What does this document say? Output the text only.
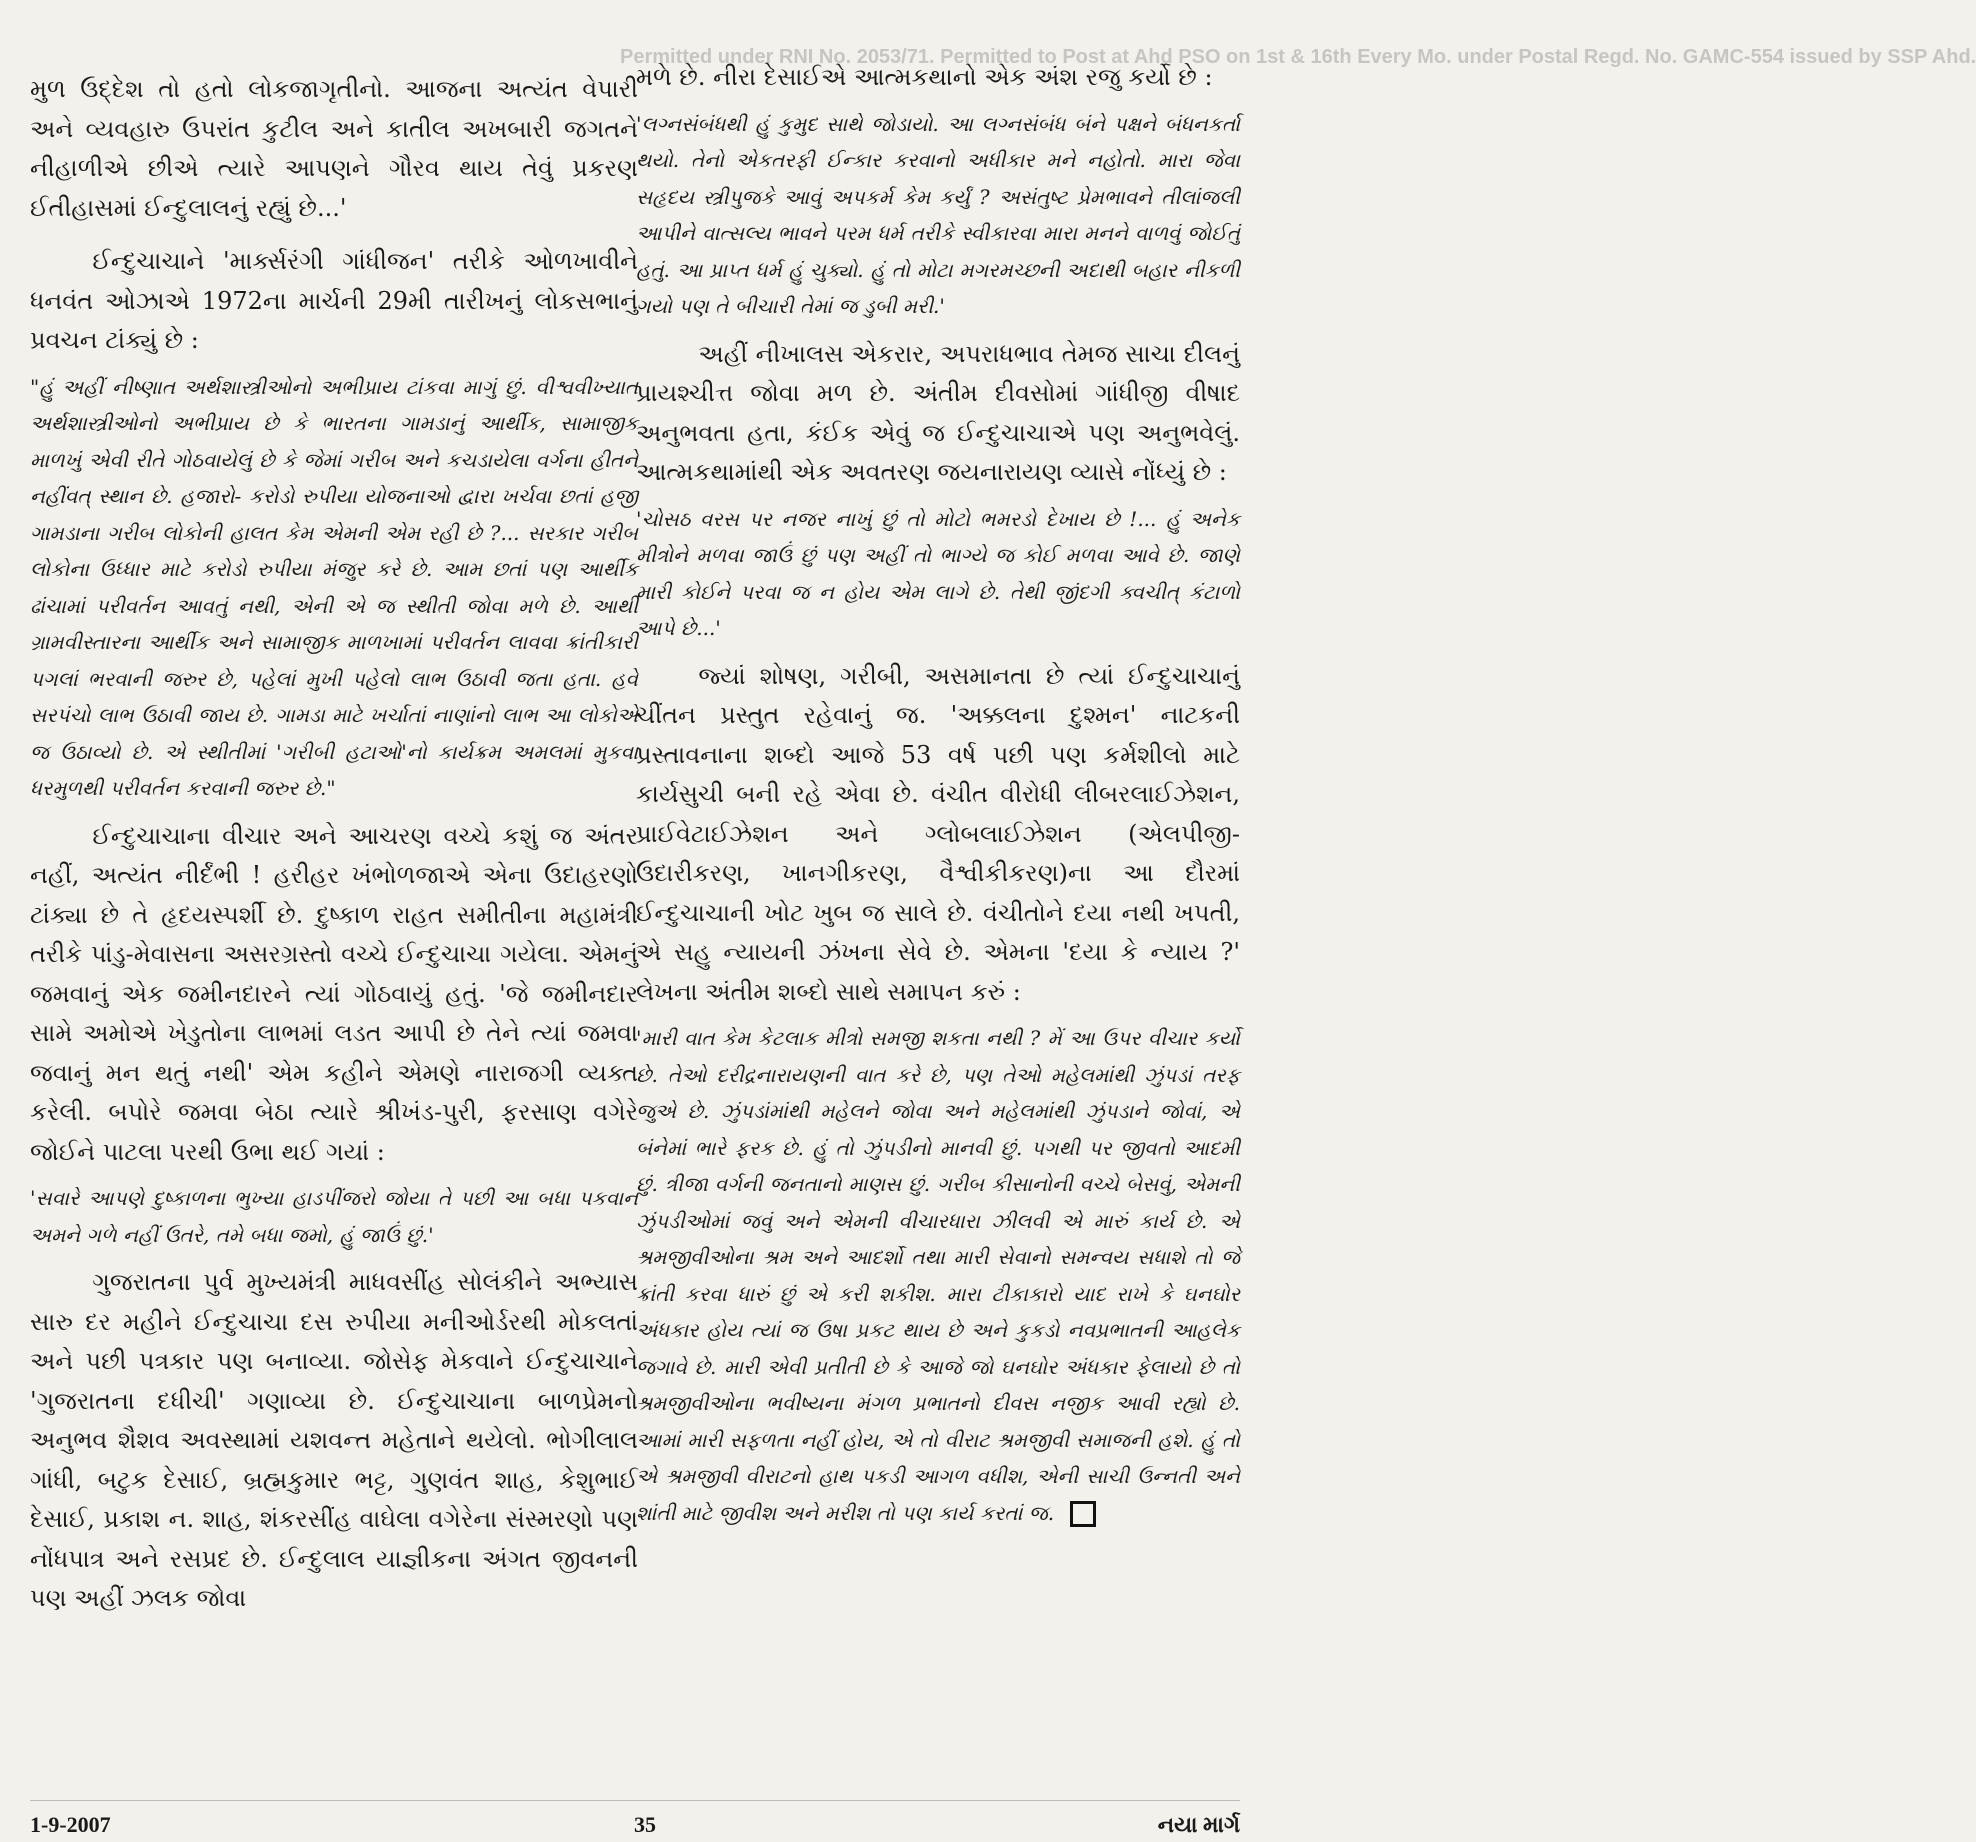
Permitted under RNI No. 2053/71. Permitted to Post at Ahd PSO on 1st & 16th Every Mo. under Postal Regd. No. GAMC-554 issued by SSP Ahd.

મુળ ઉદ્દેશ તો હતો લોકજાગૃતીનો. આજના અત્યંત વેપારી અને વ્યવહારુ ઉપરાંત કુટીલ અને કાતીલ અખબારી જગતને નીહાળીએ છીએ ત્યારે આપણને ગૌરવ થાય તેવું પ્રકરણ ઈતીહાસમાં ઈન્દુલાલનું રહ્યું છે...'

ઈન્દુચાચાને 'માર્ક્સરંગી ગાંધીજન' તરીકે ઓળખાવીને ધનવંત ઓઝાએ 1972ના માર્ચની 29મી તારીખનું લોકસભાનું પ્રવચન ટાંક્યું છે :

"હું અહીં નીષ્ણાત અર્થશાસ્ત્રીઓનો અભીપ્રાય ટાંકવા માગું છું. વીશ્વવીખ્યાત અર્થશાસ્ત્રીઓનો અભીપ્રાય છે કે ભારતના ગામડાનું આર્થીક, સામાજીક માળખું એવી રીતે ગોઠવાયેલું છે કે જેમાં ગરીબ અને કચડાયેલા વર્ગના હીતને નહીંવત્ સ્થાન છે. હજારો- કરોડો રુપીયા યોજનાઓ દ્વારા ખર્ચવા છતાં હજી ગામડાના ગરીબ લોકોની હાલત કેમ એમની એમ રહી છે ?... સરકાર ગરીબ લોકોના ઉધ્ધાર માટે કરોડો રુપીયા મંજુર કરે છે. આમ છતાં પણ આર્થીક ઢાંચામાં પરીવર્તન આવતું નથી, એની એ જ સ્થીતી જોવા મળે છે. આથી ગ્રામવીસ્તારના આર્થીક અને સામાજીક માળખામાં પરીવર્તન લાવવા ક્રાંતીકારી પગલાં ભરવાની જરુર છે, પહેલાં મુખી પહેલો લાભ ઉઠાવી જતા હતા. હવે સરપંચો લાભ ઉઠાવી જાય છે. ગામડા માટે ખર્ચાતાં નાણાંનો લાભ આ લોકોએ જ ઉઠાવ્યો છે. એ સ્થીતીમાં 'ગરીબી હટાઓ'નો કાર્યક્રમ અમલમાં મુકવા ધરમુળથી પરીવર્તન કરવાની જરુર છે."

ઈન્દુચાચાના વીચાર અને આચરણ વચ્ચે કશું જ અંતર નહીં, અત્યંત નીર્દંભી ! હરીહર ખંભોળજાએ એના ઉદાહરણો ટાંક્યા છે તે હૃદયસ્પર્શી છે. દુષ્કાળ રાહત સમીતીના મહામંત્રી તરીકે પાંડુ-મેવાસના અસરગ્રસ્તો વચ્ચે ઈન્દુચાચા ગયેલા. એમનું જમવાનું એક જમીનદારને ત્યાં ગોઠવાયું હતું. 'જે જમીનદાર સામે અમોએ ખેડુતોના લાભમાં લડત આપી છે તેને ત્યાં જમવા જવાનું મન થતું નથી' એમ કહીને એમણે નારાજગી વ્યક્ત કરેલી. બપોરે જમવા બેઠા ત્યારે શ્રીખંડ-પુરી, ફરસાણ વગેરે જોઈને પાટલા પરથી ઉભા થઈ ગયાં :

'સવારે આપણે દુષ્કાળના ભુખ્યા હાડપીંજરો જોયા તે પછી આ બધા પકવાન અમને ગળે નહીં ઉતરે, તમે બધા જમો, હું જાઉં છું.'

ગુજરાતના પુર્વ મુખ્યમંત્રી માધવસીંહ સોલંકીને અભ્યાસ સારુ દર મહીને ઈન્દુચાચા દસ રુપીયા મનીઓર્ડરથી મોકલતાં અને પછી પત્રકાર પણ બનાવ્યા. જોસેફ મેકવાને ઈન્દુચાચાને 'ગુજરાતના દધીચી' ગણાવ્યા છે. ઈન્દુચાચાના બાળપ્રેમનો અનુભવ શૈશવ અવસ્થામાં યશવન્ત મહેતાને થયેલો. ભોગીલાલ ગાંધી, બટુક દેસાઈ, બ્રહ્મકુમાર ભટ્ટ, ગુણવંત શાહ, કેશુભાઈ દેસાઈ, પ્રકાશ ન. શાહ, શંકરસીંહ વાઘેલા વગેરેના સંસ્મરણો પણ નોંધપાત્ર અને રસપ્રદ છે. ઈન્દુલાલ યાજ્ઞીકના અંગત જીવનની પણ અહીં ઝલક જોવા

મળે છે. નીરા દેસાઈએ આત્મકથાનો એક અંશ રજુ કર્યો છે :

'લગ્નસંબંધથી હું કુમુદ સાથે જોડાયો. આ લગ્નસંબંધ બંને પક્ષને બંધનકર્તા થયો. તેનો એકતરફી ઈન્કાર કરવાનો અધીકાર મને નહોતો. મારા જેવા સહૃદય સ્ત્રીપુજકે આવું અપકર્મ કેમ કર્યું ? અસંતુષ્ટ પ્રેમભાવને તીલાંજલી આપીને વાત્સલ્ય ભાવને પરમ ધર્મ તરીકે સ્વીકારવા મારા મનને વાળવું જોઈતું હતું. આ પ્રાપ્ત ધર્મ હું ચુક્યો. હું તો મોટા મગરમચ્છની અદાથી બહાર નીકળી ગયો પણ તે બીચારી તેમાં જ ડુબી મરી.'

અહીં નીખાલસ એકરાર, અપરાધભાવ તેમજ સાચા દીલનું પ્રાયશ્ચીત્ત જોવા મળ છે. અંતીમ દીવસોમાં ગાંધીજી વીષાદ અનુભવતા હતા, કંઈક એવું જ ઈન્દુચાચાએ પણ અનુભવેલું. આત્મકથામાંથી એક અવતરણ જયનારાયણ વ્યાસે નોંધ્યું છે :

'ચોસઠ વરસ પર નજર નાખું છું તો મોટો ભમરડો દેખાય છે !... હું અનેક મીત્રોને મળવા જાઉં છું પણ અહીં તો ભાગ્યે જ કોઈ મળવા આવે છે. જાણે મારી કોઈને પરવા જ ન હોય એમ લાગે છે. તેથી જીંદગી ક્વચીત્ કંટાળો આપે છે...'

જ્યાં શોષણ, ગરીબી, અસમાનતા છે ત્યાં ઈન્દુચાચાનું ચીંતન પ્રસ્તુત રહેવાનું જ. 'અક્કલના દુશ્મન' નાટકની પ્રસ્તાવનાના શબ્દો આજે 53 વર્ષ પછી પણ કર્મશીલો માટે કાર્યસુચી બની રહે એવા છે. વંચીત વીરોધી લીબરલાઈઝેશન, પ્રાઈવેટાઈઝેશન અને ગ્લોબલાઈઝેશન (એલપીજી- ઉદારીકરણ, ખાનગીકરણ, વૈશ્વીકીકરણ)ના આ દૌરમાં ઈન્દુચાચાની ખોટ ખુબ જ સાલે છે. વંચીતોને દયા નથી ખપતી, એ સહુ ન્યાયની ઝંખના સેવે છે. એમના 'દયા કે ન્યાય ?' લેખના અંતીમ શબ્દો સાથે સમાપન કરું :

'મારી વાત કેમ કેટલાક મીત્રો સમજી શકતા નથી ? મેં આ ઉપર વીચાર કર્યો છે. તેઓ દરીદ્રનારાયણની વાત કરે છે, પણ તેઓ મહેલમાંથી ઝુંપડાં તરફ જુએ છે. ઝુંપડાંમાંથી મહેલને જોવા અને મહેલમાંથી ઝુંપડાને જોવાં, એ બંનેમાં ભારે ફરક છે. હું તો ઝુંપડીનો માનવી છું. પગથી પર જીવતો આદમી છું. ત્રીજા વર્ગની જનતાનો માણસ છું. ગરીબ કીસાનોની વચ્ચે બેસવું, એમની ઝુંપડીઓમાં જવું અને એમની વીચારધારા ઝીલવી એ મારું કાર્ય છે. એ શ્રમજીવીઓના શ્રમ અને આદર્શો તથા મારી સેવાનો સમન્વય સધાશે તો જે ક્રાંતી કરવા ધારું છું એ કરી શકીશ. મારા ટીકાકારો યાદ રાખે કે ઘનઘોર અંધકાર હોય ત્યાં જ ઉષા પ્રકટ થાય છે અને કુકડો નવપ્રભાતની આહલેક જગાવે છે. મારી એવી પ્રતીતી છે કે આજે જો ઘનઘોર અંધકાર ફેલાયો છે તો શ્રમજીવીઓના ભવીષ્યના મંગળ પ્રભાતનો દીવસ નજીક આવી રહ્યો છે. આમાં મારી સફળતા નહીં હોય, એ તો વીરાટ શ્રમજીવી સમાજની હશે. હું તો એ શ્રમજીવી વીરાટનો હાથ પકડી આગળ વધીશ, એની સાચી ઉન્નતી અને શાંતી માટે જીવીશ અને મરીશ તો પણ કાર્ય કરતાં જ.

1-9-2007	35	નયા માર્ગ
